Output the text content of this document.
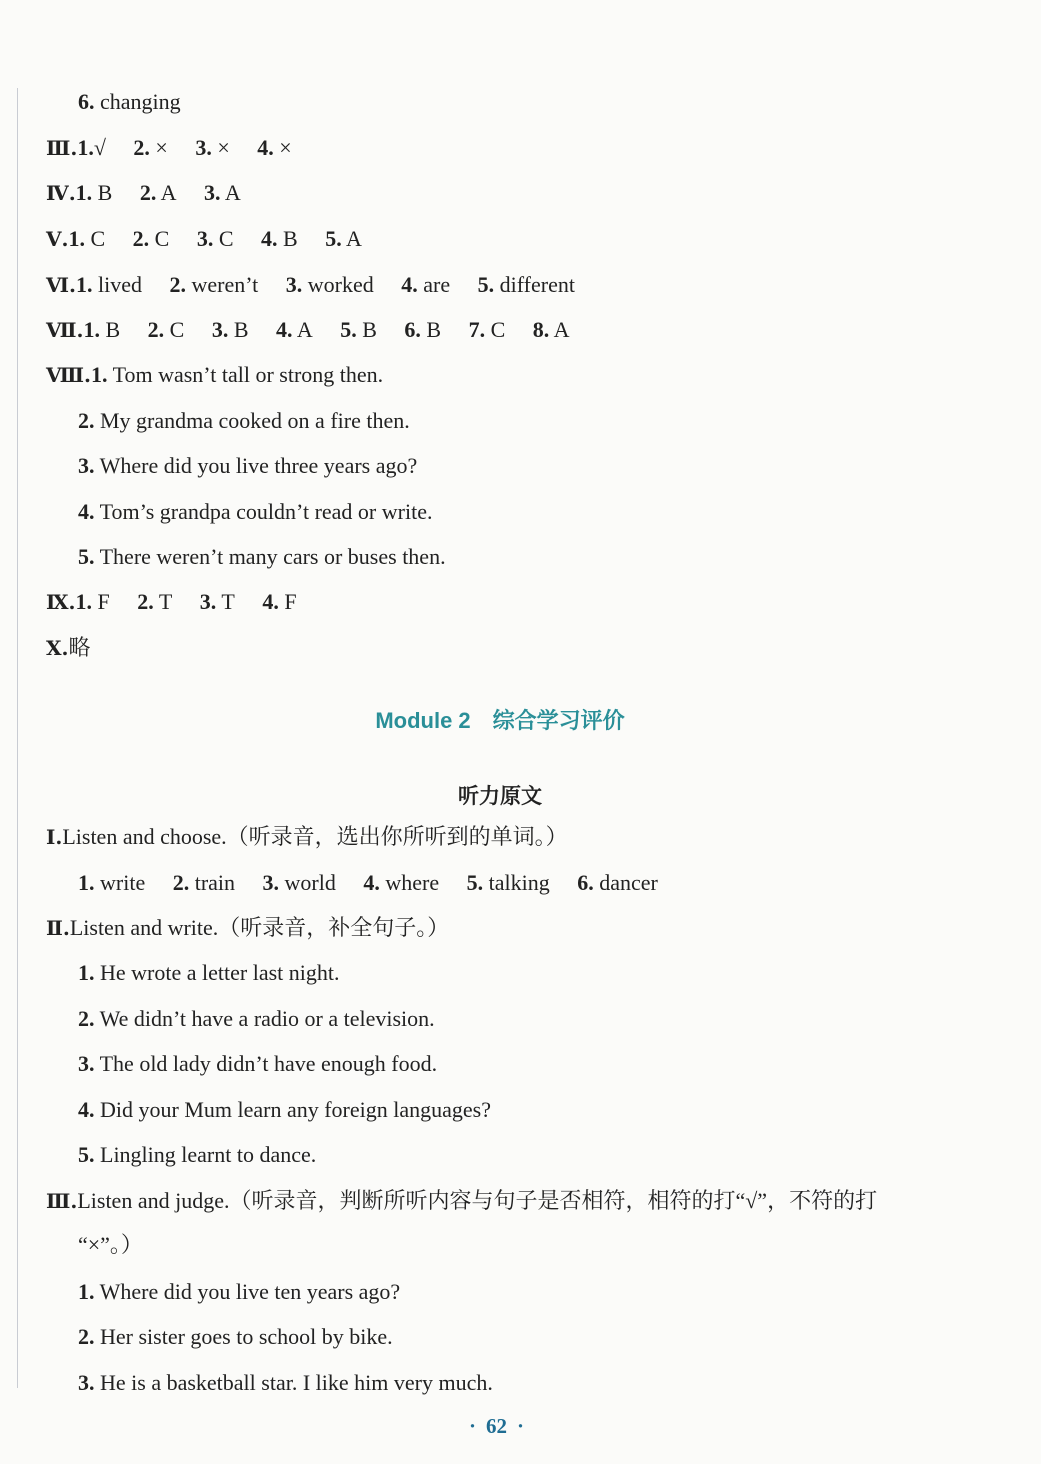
6. changing
Ⅲ.1.√ 2. × 3. × 4. ×
Ⅳ.1. B 2. A 3. A
Ⅴ.1. C 2. C 3. C 4. B 5. A
Ⅵ.1. lived 2. weren’t 3. worked 4. are 5. different
Ⅶ.1. B 2. C 3. B 4. A 5. B 6. B 7. C 8. A
Ⅷ.1. Tom wasn’t tall or strong then.
2. My grandma cooked on a fire then.
3. Where did you live three years ago?
4. Tom’s grandpa couldn’t read or write.
5. There weren’t many cars or buses then.
Ⅸ.1. F 2. T 3. T 4. F
Ⅹ.略
Module 2 综合学习评价
听力原文
Ⅰ.Listen and choose.（听录音，选出你所听到的单词。）
1. write 2. train 3. world 4. where 5. talking 6. dancer
Ⅱ.Listen and write.（听录音，补全句子。）
1. He wrote a letter last night.
2. We didn’t have a radio or a television.
3. The old lady didn’t have enough food.
4. Did your Mum learn any foreign languages?
5. Lingling learnt to dance.
Ⅲ.Listen and judge.（听录音，判断所听内容与句子是否相符，相符的打“√”，不符的打
“×”。）
1. Where did you live ten years ago?
2. Her sister goes to school by bike.
3. He is a basketball star. I like him very much.
· 62 ·
